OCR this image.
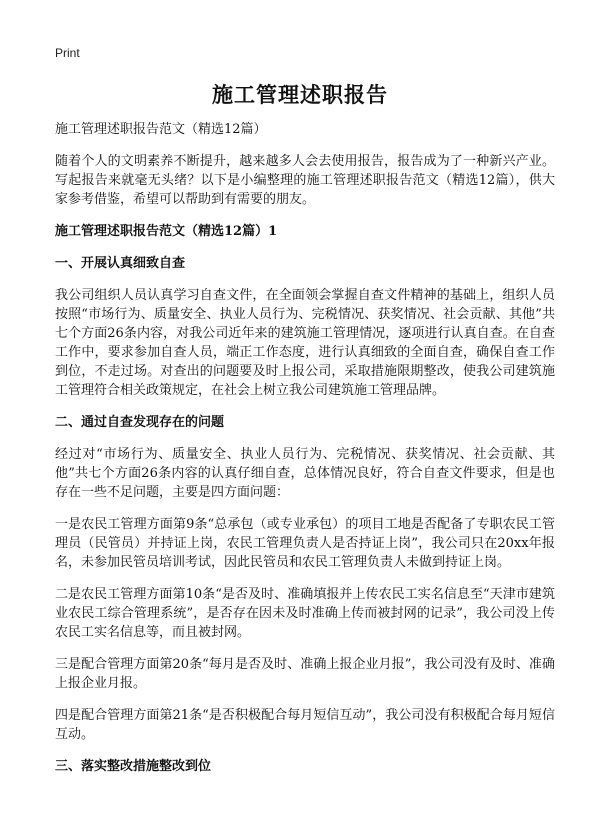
Print
施工管理述职报告

施工管理述职报告范文（精选12篇）

随着个人的文明素养不断提升，越来越多人会去使用报告，报告成为了一种新兴产业。写起报告来就毫无头绪？以下是小编整理的施工管理述职报告范文（精选12篇），供大家参考借鉴，希望可以帮助到有需要的朋友。

施工管理述职报告范文（精选12篇）1

一、开展认真细致自查

我公司组织人员认真学习自查文件，在全面领会掌握自查文件精神的基础上，组织人员按照“市场行为、质量安全、执业人员行为、完税情况、获奖情况、社会贡献、其他”共七个方面26条内容，对我公司近年来的建筑施工管理情况，逐项进行认真自查。在自查工作中，要求参加自查人员，端正工作态度，进行认真细致的全面自查，确保自查工作到位，不走过场。对查出的问题要及时上报公司，采取措施限期整改，使我公司建筑施工管理符合相关政策规定，在社会上树立我公司建筑施工管理品牌。

二、通过自查发现存在的问题

经过对“市场行为、质量安全、执业人员行为、完税情况、获奖情况、社会贡献、其他”共七个方面26条内容的认真仔细自查，总体情况良好，符合自查文件要求，但是也存在一些不足问题，主要是四方面问题：

一是农民工管理方面第9条“总承包（或专业承包）的项目工地是否配备了专职农民工管理员（民管员）并持证上岗，农民工管理负责人是否持证上岗”，我公司只在20xx年报名，未参加民管员培训考试，因此民管员和农民工管理负责人未做到持证上岗。

二是农民工管理方面第10条“是否及时、准确填报并上传农民工实名信息至“天津市建筑业农民工综合管理系统”，是否存在因未及时准确上传而被封网的记录”，我公司没上传农民工实名信息等，而且被封网。

三是配合管理方面第20条“每月是否及时、准确上报企业月报”，我公司没有及时、准确上报企业月报。

四是配合管理方面第21条“是否积极配合每月短信互动”，我公司没有积极配合每月短信互动。

三、落实整改措施整改到位
